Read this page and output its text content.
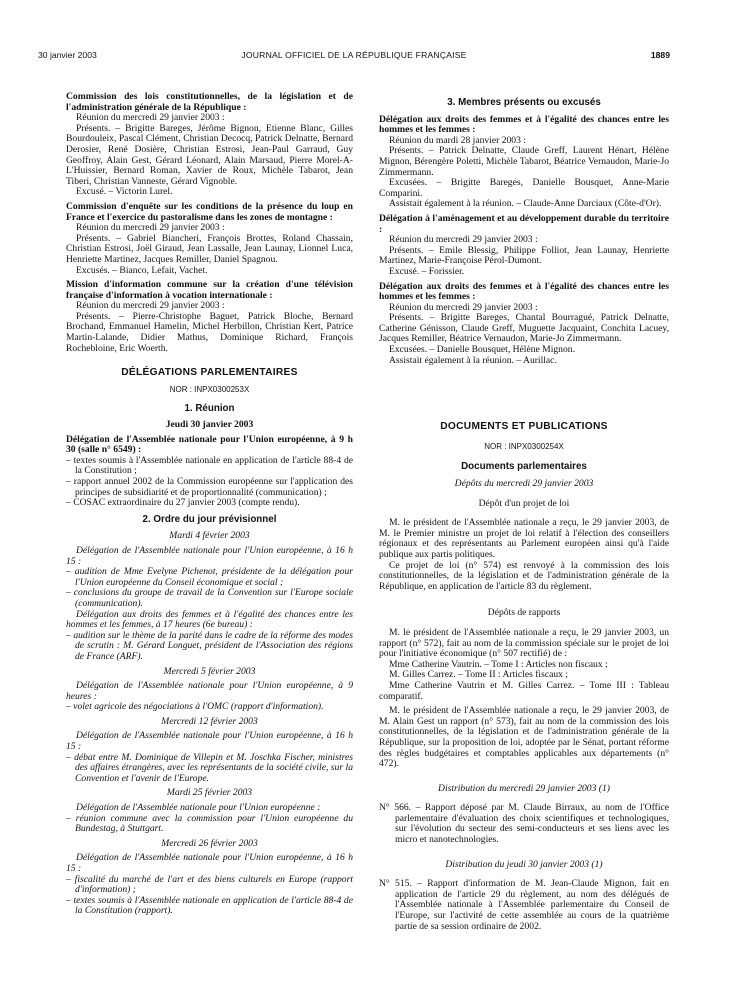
30 janvier 2003	JOURNAL OFFICIEL DE LA RÉPUBLIQUE FRANÇAISE	1889

Commission des lois constitutionnelles, de la législation et de l'administration générale de la République :

Réunion du mercredi 29 janvier 2003 :

Présents. – Brigitte Bareges, Jérôme Bignon, Etienne Blanc, Gilles Bourdouleix, Pascal Clément, Christian Decocq, Patrick Delnatte, Bernard Derosier, René Dosière, Christian Estrosi, Jean-Paul Garraud, Guy Geoffroy, Alain Gest, Gérard Léonard, Alain Marsaud, Pierre Morel-A-L'Huissier, Bernard Roman, Xavier de Roux, Michèle Tabarot, Jean Tiberi, Christian Vanneste, Gérard Vignoble.

Excusé. – Victorin Lurel.

Commission d'enquête sur les conditions de la présence du loup en France et l'exercice du pastoralisme dans les zones de montagne :

Réunion du mercredi 29 janvier 2003 :

Présents. – Gabriel Biancheri, François Brottes, Roland Chassain, Christian Estrosi, Joël Giraud, Jean Lassalle, Jean Launay, Lionnel Luca, Henriette Martinez, Jacques Remiller, Daniel Spagnou.

Excusés. – Bianco, Lefait, Vachet.

Mission d'information commune sur la création d'une télévision française d'information à vocation internationale :

Réunion du mercredi 29 janvier 2003 :

Présents. – Pierre-Christophe Baguet, Patrick Bloche, Bernard Brochand, Emmanuel Hamelin, Michel Herbillon, Christian Kert, Patrice Martin-Lalande, Didier Mathus, Dominique Richard, François Rochebloine, Eric Woerth.

DÉLÉGATIONS PARLEMENTAIRES

NOR : INPX0300253X

1. Réunion

Jeudi 30 janvier 2003

Délégation de l'Assemblée nationale pour l'Union européenne, à 9 h 30 (salle n° 6549) :

– textes soumis à l'Assemblée nationale en application de l'article 88-4 de la Constitution ;

– rapport annuel 2002 de la Commission européenne sur l'application des principes de subsidiarité et de proportionnalité (communication) ;

– COSAC extraordinaire du 27 janvier 2003 (compte rendu).

2. Ordre du jour prévisionnel

Mardi 4 février 2003

Délégation de l'Assemblée nationale pour l'Union européenne, à 16 h 15 :

– audition de Mme Evelyne Pichenot, présidente de la délégation pour l'Union européenne du Conseil économique et social ;

– conclusions du groupe de travail de la Convention sur l'Europe sociale (communication).

Délégation aux droits des femmes et à l'égalité des chances entre les hommes et les femmes, à 17 heures (6e bureau) :

– audition sur le thème de la parité dans le cadre de la réforme des modes de scrutin : M. Gérard Longuet, président de l'Association des régions de France (ARF).

Mercredi 5 février 2003

Délégation de l'Assemblée nationale pour l'Union européenne, à 9 heures :

– volet agricole des négociations à l'OMC (rapport d'information).

Mercredi 12 février 2003

Délégation de l'Assemblée nationale pour l'Union européenne, à 16 h 15 :

– débat entre M. Dominique de Villepin et M. Joschka Fischer, ministres des affaires étrangères, avec les représentants de la société civile, sur la Convention et l'avenir de l'Europe.

Mardi 25 février 2003

Délégation de l'Assemblée nationale pour l'Union européenne :

– réunion commune avec la commission pour l'Union européenne du Bundestag, à Stuttgart.

Mercredi 26 février 2003

Délégation de l'Assemblée nationale pour l'Union européenne, à 16 h 15 :

– fiscalité du marché de l'art et des biens culturels en Europe (rapport d'information) ;

– textes soumis à l'Assemblée nationale en application de l'article 88-4 de la Constitution (rapport).

3. Membres présents ou excusés

Délégation aux droits des femmes et à l'égalité des chances entre les hommes et les femmes :

Réunion du mardi 28 janvier 2003 :

Présents. – Patrick Delnatte, Claude Greff, Laurent Hénart, Hélène Mignon, Bérengère Poletti, Michèle Tabarot, Béatrice Vernaudon, Marie-Jo Zimmermann.

Excusées. – Brigitte Bareges, Danielle Bousquet, Anne-Marie Comparini.

Assistait également à la réunion. – Claude-Anne Darciaux (Côte-d'Or).

Délégation à l'aménagement et au développement durable du territoire :

Réunion du mercredi 29 janvier 2003 :

Présents. – Emile Blessig, Philippe Folliot, Jean Launay, Henriette Martinez, Marie-Françoise Pérol-Dumont.

Excusé. – Forissier.

Délégation aux droits des femmes et à l'égalité des chances entre les hommes et les femmes :

Réunion du mercredi 29 janvier 2003 :

Présents. – Brigitte Bareges, Chantal Bourragué, Patrick Delnatte, Catherine Génisson, Claude Greff, Muguette Jacquaint, Conchita Lacuey, Jacques Remiller, Béatrice Vernaudon, Marie-Jo Zimmermann.

Excusées. – Danielle Bousquet, Hélène Mignon.

Assistait également à la réunion. – Aurillac.

DOCUMENTS ET PUBLICATIONS

NOR : INPX0300254X

Documents parlementaires

Dépôts du mercredi 29 janvier 2003

Dépôt d'un projet de loi

M. le président de l'Assemblée nationale a reçu, le 29 janvier 2003, de M. le Premier ministre un projet de loi relatif à l'élection des conseillers régionaux et des représentants au Parlement européen ainsi qu'à l'aide publique aux partis politiques.

Ce projet de loi (n° 574) est renvoyé à la commission des lois constitutionnelles, de la législation et de l'administration générale de la République, en application de l'article 83 du règlement.

Dépôts de rapports

M. le président de l'Assemblée nationale a reçu, le 29 janvier 2003, un rapport (n° 572), fait au nom de la commission spéciale sur le projet de loi pour l'initiative économique (n° 507 rectifié) de :

Mme Catherine Vautrin. – Tome I : Articles non fiscaux ;

M. Gilles Carrez. – Tome II : Articles fiscaux ;

Mme Catherine Vautrin et M. Gilles Carrez. – Tome III : Tableau comparatif.

M. le président de l'Assemblée nationale a reçu, le 29 janvier 2003, de M. Alain Gest un rapport (n° 573), fait au nom de la commission des lois constitutionnelles, de la législation et de l'administration générale de la République, sur la proposition de loi, adoptée par le Sénat, portant réforme des règles budgétaires et comptables applicables aux départements (n° 472).

Distribution du mercredi 29 janvier 2003 (1)

N° 566. – Rapport déposé par M. Claude Birraux, au nom de l'Office parlementaire d'évaluation des choix scientifiques et technologiques, sur l'évolution du secteur des semi-conducteurs et ses liens avec les micro et nanotechnologies.

Distribution du jeudi 30 janvier 2003 (1)

N° 515. – Rapport d'information de M. Jean-Claude Mignon, fait en application de l'article 29 du règlement, au nom des délégués de l'Assemblée nationale à l'Assemblée parlementaire du Conseil de l'Europe, sur l'activité de cette assemblée au cours de la quatrième partie de sa session ordinaire de 2002.
